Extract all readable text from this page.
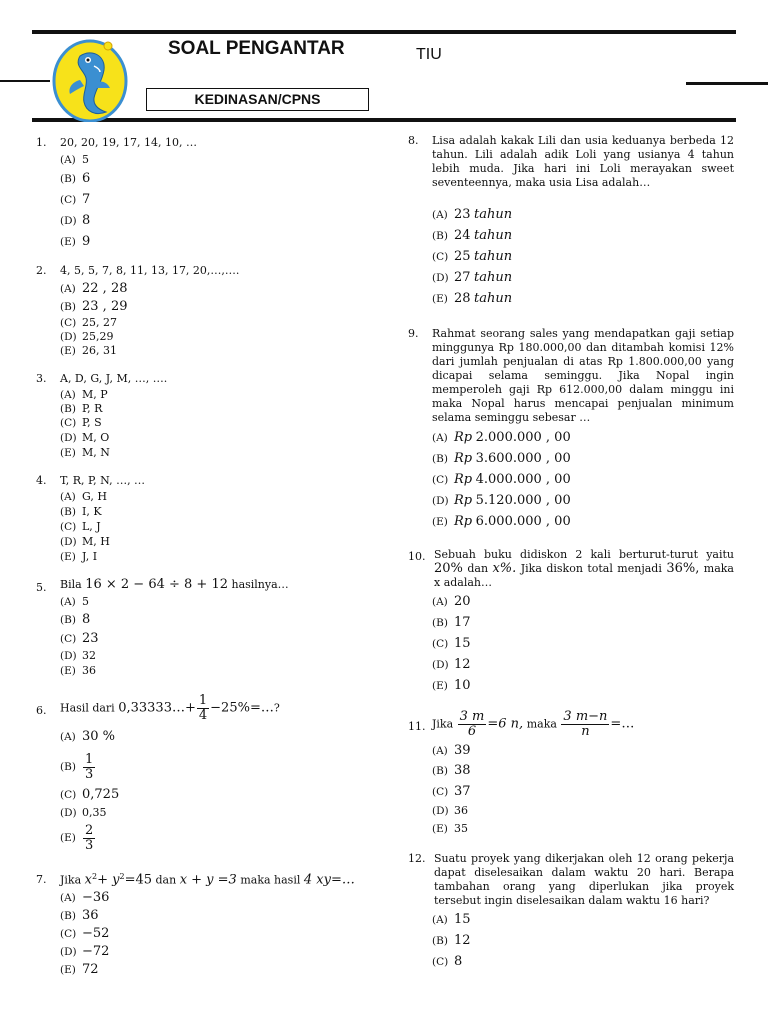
SOAL PENGANTAR	TIU
KEDINASAN/CPNS
1. 20, 20, 19, 17, 14, 10, …
(A) 5
(B) 6
(C) 7
(D) 8
(E) 9
2. 4, 5, 5, 7, 8, 11, 13, 17, 20,…,….
(A) 22 , 28
(B) 23 , 29
(C) 25, 27
(D) 25,29
(E) 26, 31
3. A, D, G, J, M, …, ….
(A) M, P
(B) P, R
(C) P, S
(D) M, O
(E) M, N
4. T, R, P, N, …, …
(A) G, H
(B) I, K
(C) L, J
(D) M, H
(E) J, I
5. Bila 16 × 2 − 64 ÷ 8 + 12 hasilnya…
(A) 5
(B) 8
(C) 23
(D) 32
(E) 36
6. Hasil dari 0,33333…+ $\frac{1}{4}$ −25%=…?
(A) 30 %
$(B) \frac{1}{3}$
(C) 0,725
(D) 0,35
$(E) \frac{2}{3}$
7. Jika $x^2+ y^2=45$ dan x + y =3 maka hasil 4 xy=…
(A) −36
(B) 36
(C) −52
(D) −72
(E) 72
8. Lisa adalah kakak Lili dan usia keduanya berbeda 12 tahun. Lili adalah adik Loli yang usianya 4 tahun lebih muda. Jika hari ini Loli merayakan sweet seventeennya, maka usia Lisa adalah…
(A) 23
tahun
(B) 24
tahun
(C) 25
tahun
(D) 27
tahun
(E) 28
tahun
9. Rahmat seorang sales yang mendapatkan gaji setiap minggunya Rp 180.000,00 dan ditambah komisi 12% dari jumlah penjualan di atas Rp 1.800.000,00 yang dicapai selama seminggu. Jika Nopal ingin memperoleh gaji Rp 612.000,00 dalam minggu ini maka Nopal harus mencapai penjualan minimum selama seminggu sebesar …
(A) Rp
2.000.000 , 00
(B) Rp
3.600.000 , 00
(C) Rp
4.000.000 , 00
(D) Rp
5.120.000 , 00
(E) Rp
6.000.000 , 00
10. Sebuah buku didiskon 2 kali berturut-turut yaitu 20% dan x%. Jika diskon total menjadi 36%, maka x adalah…
(A) 20
(B) 17
(C) 15
(D) 12
(E) 10
11. Jika $\frac{3 m}{6} =6$ n, maka $\frac{3 m-n}{n}$ =…
(A) 39
(B) 38
(C) 37
(D) 36
(E) 35
12. Suatu proyek yang dikerjakan oleh 12 orang pekerja dapat diselesaikan dalam waktu 20 hari. Berapa tambahan orang yang diperlukan jika proyek tersebut ingin diselesaikan dalam waktu 16 hari?
(A) 15
(B) 12
(C) 8
